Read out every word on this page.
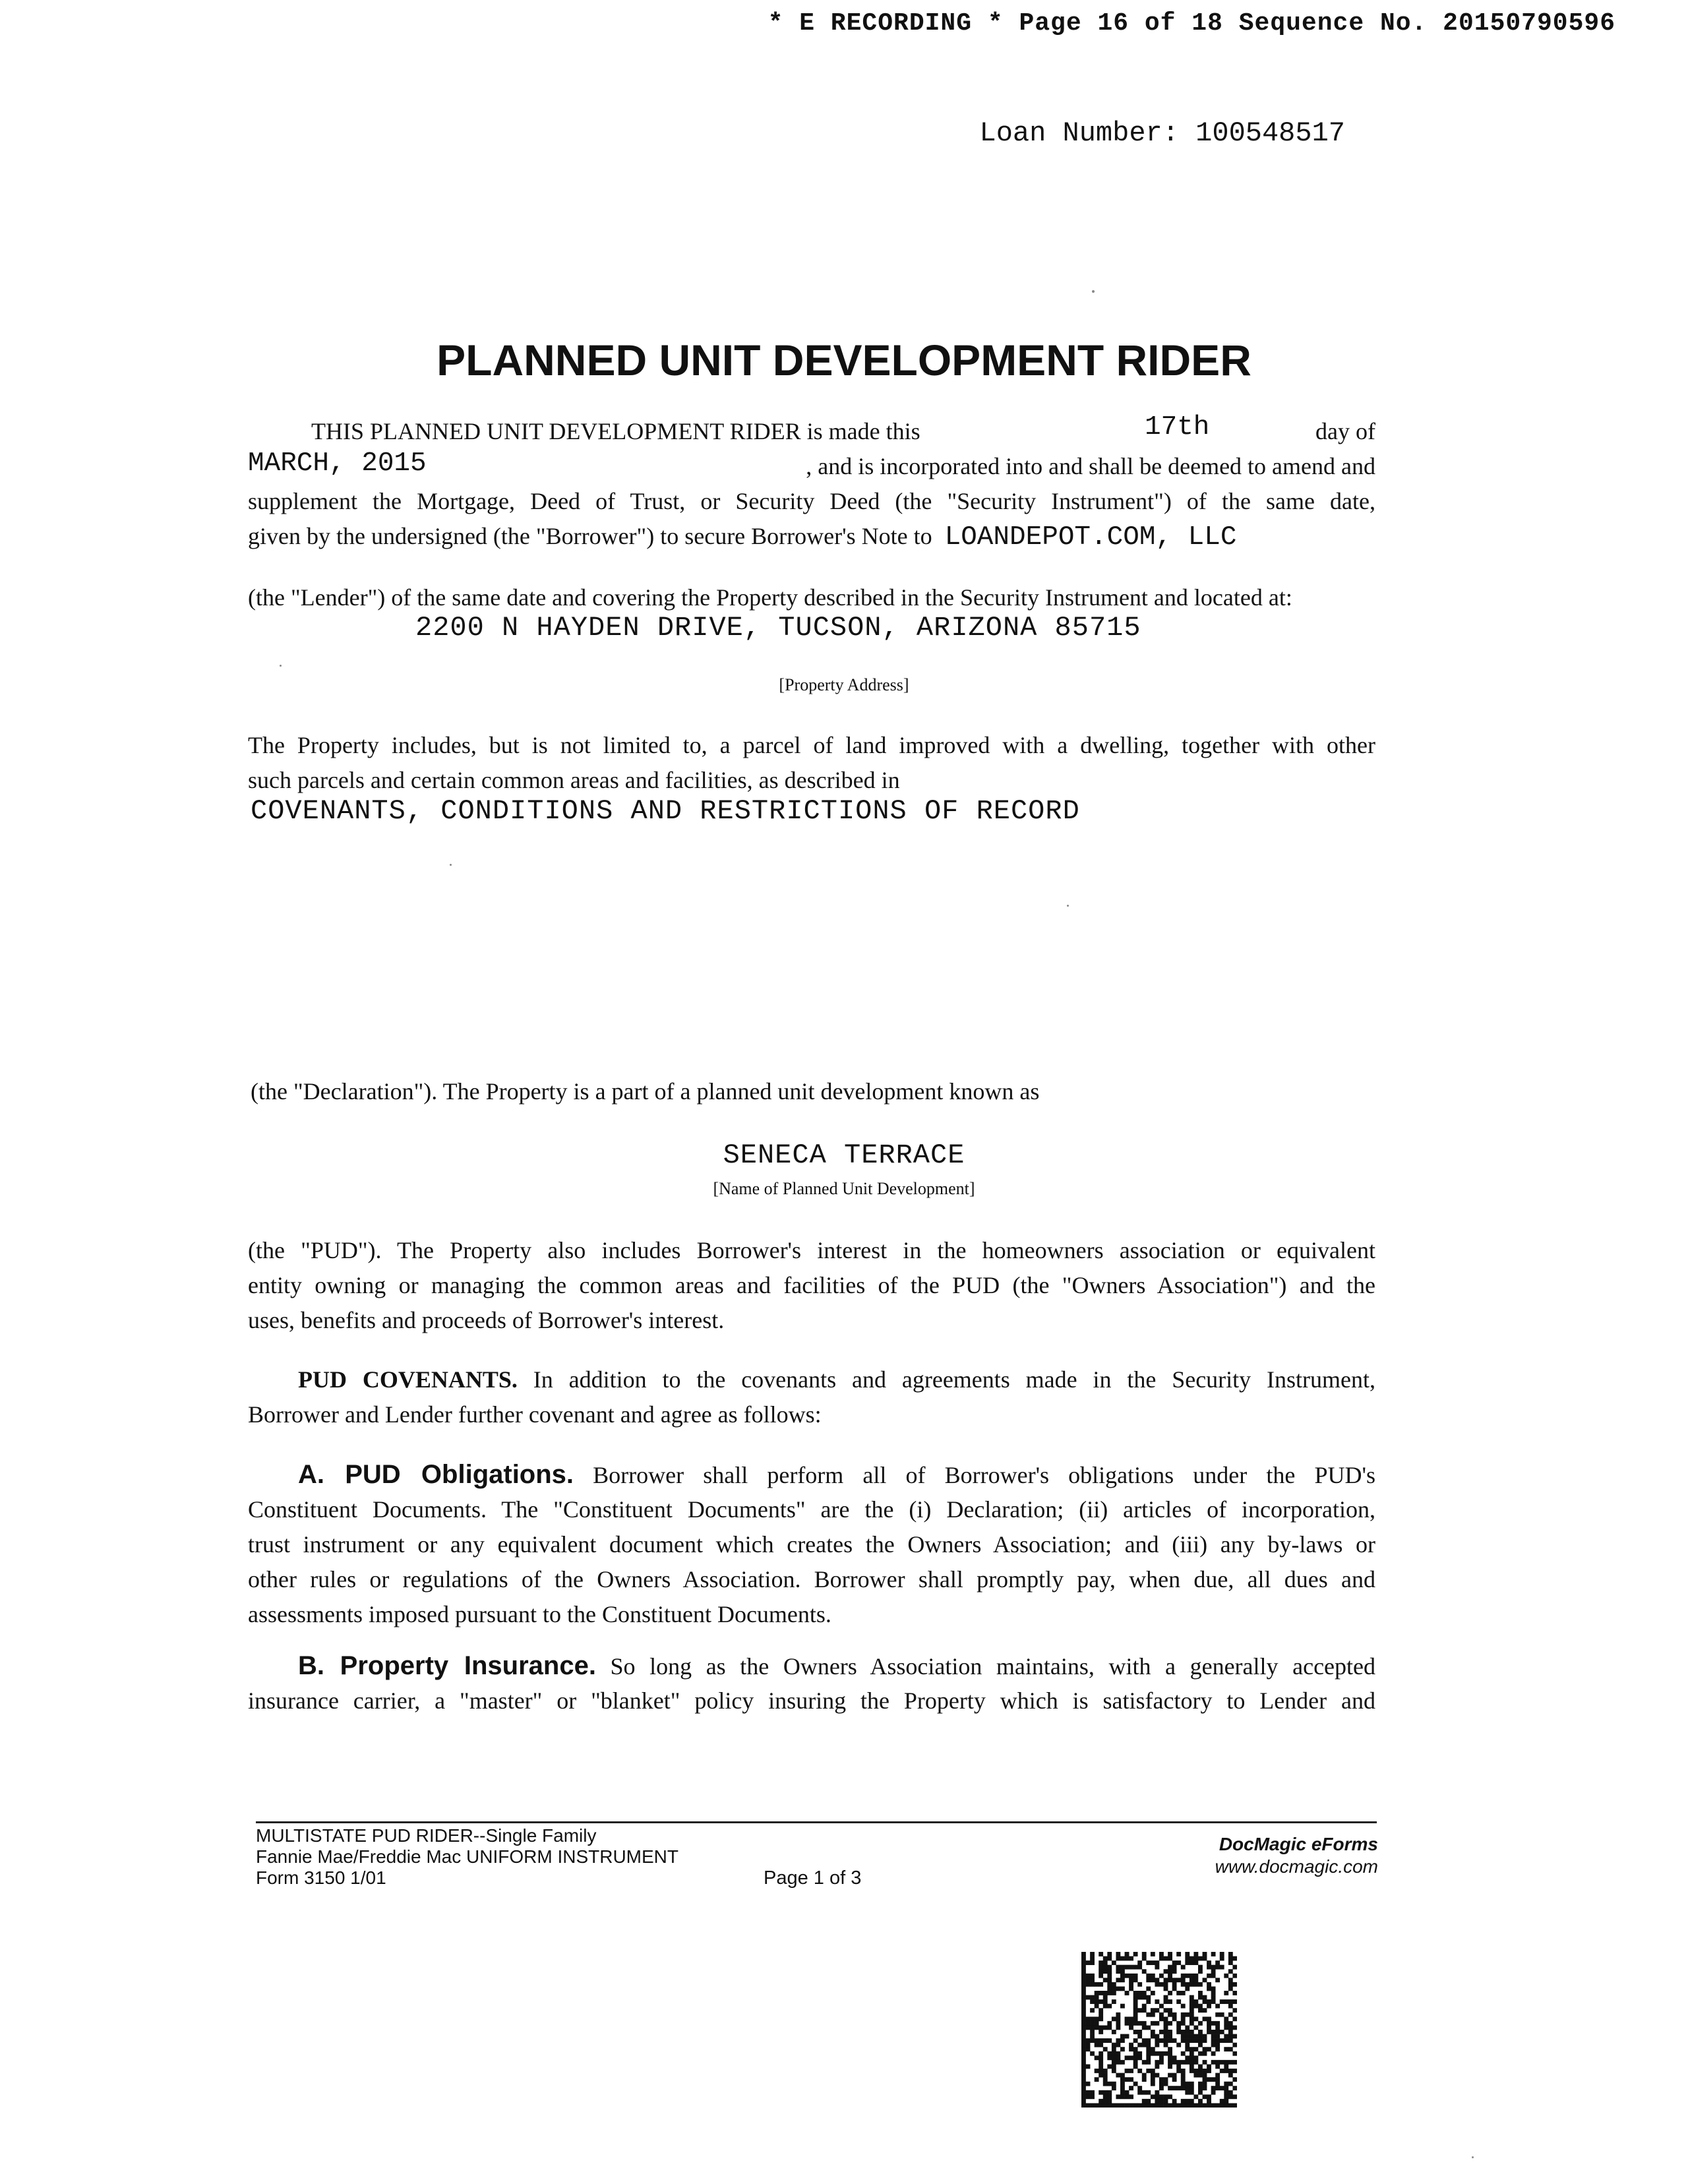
* E RECORDING * Page 16 of 18 Sequence No. 20150790596
Loan Number: 100548517
PLANNED UNIT DEVELOPMENT RIDER
THIS PLANNED UNIT DEVELOPMENT RIDER is made this	17th	day of
MARCH, 2015	, and is incorporated into and shall be deemed to amend and
supplement the Mortgage, Deed of Trust, or Security Deed (the "Security Instrument") of the same date,
given by the undersigned (the "Borrower") to secure Borrower's Note to LOANDEPOT.COM, LLC
(the "Lender") of the same date and covering the Property described in the Security Instrument and located at:
2200 N HAYDEN DRIVE, TUCSON, ARIZONA 85715
[Property Address]
The Property includes, but is not limited to, a parcel of land improved with a dwelling, together with other
such parcels and certain common areas and facilities, as described in
COVENANTS, CONDITIONS AND RESTRICTIONS OF RECORD
(the "Declaration"). The Property is a part of a planned unit development known as
SENECA TERRACE
[Name of Planned Unit Development]
(the "PUD"). The Property also includes Borrower's interest in the homeowners association or equivalent
entity owning or managing the common areas and facilities of the PUD (the "Owners Association") and the
uses, benefits and proceeds of Borrower's interest.
PUD COVENANTS. In addition to the covenants and agreements made in the Security Instrument,
Borrower and Lender further covenant and agree as follows:
A. PUD Obligations. Borrower shall perform all of Borrower's obligations under the PUD's
Constituent Documents. The "Constituent Documents" are the (i) Declaration; (ii) articles of incorporation,
trust instrument or any equivalent document which creates the Owners Association; and (iii) any by-laws or
other rules or regulations of the Owners Association. Borrower shall promptly pay, when due, all dues and
assessments imposed pursuant to the Constituent Documents.
B. Property Insurance. So long as the Owners Association maintains, with a generally accepted
insurance carrier, a "master" or "blanket" policy insuring the Property which is satisfactory to Lender and
MULTISTATE PUD RIDER--Single Family
Fannie Mae/Freddie Mac UNIFORM INSTRUMENT
Form 3150 1/01	Page 1 of 3
DocMagic eForms
www.docmagic.com
